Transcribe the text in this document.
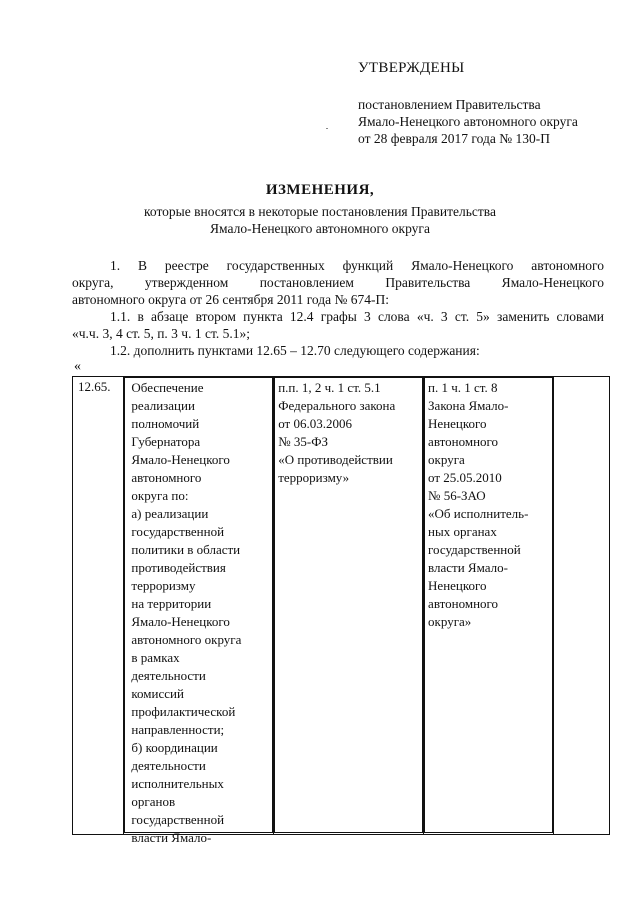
УТВЕРЖДЕНЫ
постановлением Правительства
Ямало-Ненецкого автономного округа
от 28 февраля 2017 года № 130-П
ИЗМЕНЕНИЯ,
которые вносятся в некоторые постановления Правительства
Ямало-Ненецкого автономного округа
1. В реестре государственных функций Ямало-Ненецкого автономного
округа, утвержденном постановлением Правительства Ямало-Ненецкого
автономного округа от 26 сентября 2011 года № 674-П:
1.1. в абзаце втором пункта 12.4 графы 3 слова «ч. 3 ст. 5» заменить словами
«ч.ч. 3, 4 ст. 5, п. 3 ч. 1 ст. 5.1»;
1.2. дополнить пунктами 12.65 – 12.70 следующего содержания:
«
12.65.	Обеспечение
реализации
полномочий
Губернатора
Ямало-Ненецкого
автономного
округа по:
а) реализации
государственной
политики в области
противодействия
терроризму
на территории
Ямало-Ненецкого
автономного округа
в рамках
деятельности
комиссий
профилактической
направленности;
б) координации
деятельности
исполнительных
органов
государственной
власти Ямало-

п.п. 1, 2 ч. 1 ст. 5.1
Федерального закона
от 06.03.2006
№ 35-ФЗ
«О противодействии
терроризму»

п. 1 ч. 1 ст. 8
Закона Ямало-
Ненецкого
автономного
округа
от 25.05.2010
№ 56-ЗАО
«Об исполнитель-
ных органах
государственной
власти Ямало-
Ненецкого
автономного
округа»
